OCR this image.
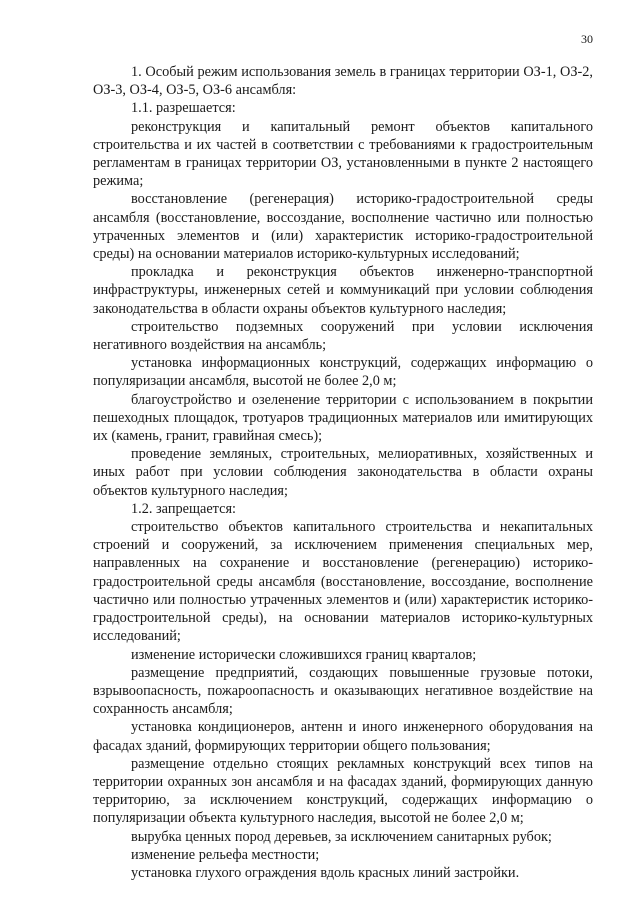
30

1. Особый режим использования земель в границах территории ОЗ-1, ОЗ-2, ОЗ-3, ОЗ-4, ОЗ-5, ОЗ-6 ансамбля:

1.1. разрешается:

реконструкция и капитальный ремонт объектов капитального строительства и их частей в соответствии с требованиями к градостроительным регламентам в границах территории ОЗ, установленными в пункте 2 настоящего режима;

восстановление (регенерация) историко-градостроительной среды ансамбля (восстановление, воссоздание, восполнение частично или полностью утраченных элементов и (или) характеристик историко-градостроительной среды) на основании материалов историко-культурных исследований;

прокладка и реконструкция объектов инженерно-транспортной инфраструктуры, инженерных сетей и коммуникаций при условии соблюдения законодательства в области охраны объектов культурного наследия;

строительство подземных сооружений при условии исключения негативного воздействия на ансамбль;

установка информационных конструкций, содержащих информацию о популяризации ансамбля, высотой не более 2,0 м;

благоустройство и озеленение территории с использованием в покрытии пешеходных площадок, тротуаров традиционных материалов или имитирующих их (камень, гранит, гравийная смесь);

проведение земляных, строительных, мелиоративных, хозяйственных и иных работ при условии соблюдения законодательства в области охраны объектов культурного наследия;

1.2. запрещается:

строительство объектов капитального строительства и некапитальных строений и сооружений, за исключением применения специальных мер, направленных на сохранение и восстановление (регенерацию) историко-градостроительной среды ансамбля (восстановление, воссоздание, восполнение частично или полностью утраченных элементов и (или) характеристик историко-градостроительной среды), на основании материалов историко-культурных исследований;

изменение исторически сложившихся границ кварталов;

размещение предприятий, создающих повышенные грузовые потоки, взрывоопасность, пожароопасность и оказывающих негативное воздействие на сохранность ансамбля;

установка кондиционеров, антенн и иного инженерного оборудования на фасадах зданий, формирующих территории общего пользования;

размещение отдельно стоящих рекламных конструкций всех типов на территории охранных зон ансамбля и на фасадах зданий, формирующих данную территорию, за исключением конструкций, содержащих информацию о популяризации объекта культурного наследия, высотой не более 2,0 м;

вырубка ценных пород деревьев, за исключением санитарных рубок;

изменение рельефа местности;

установка глухого ограждения вдоль красных линий застройки.
